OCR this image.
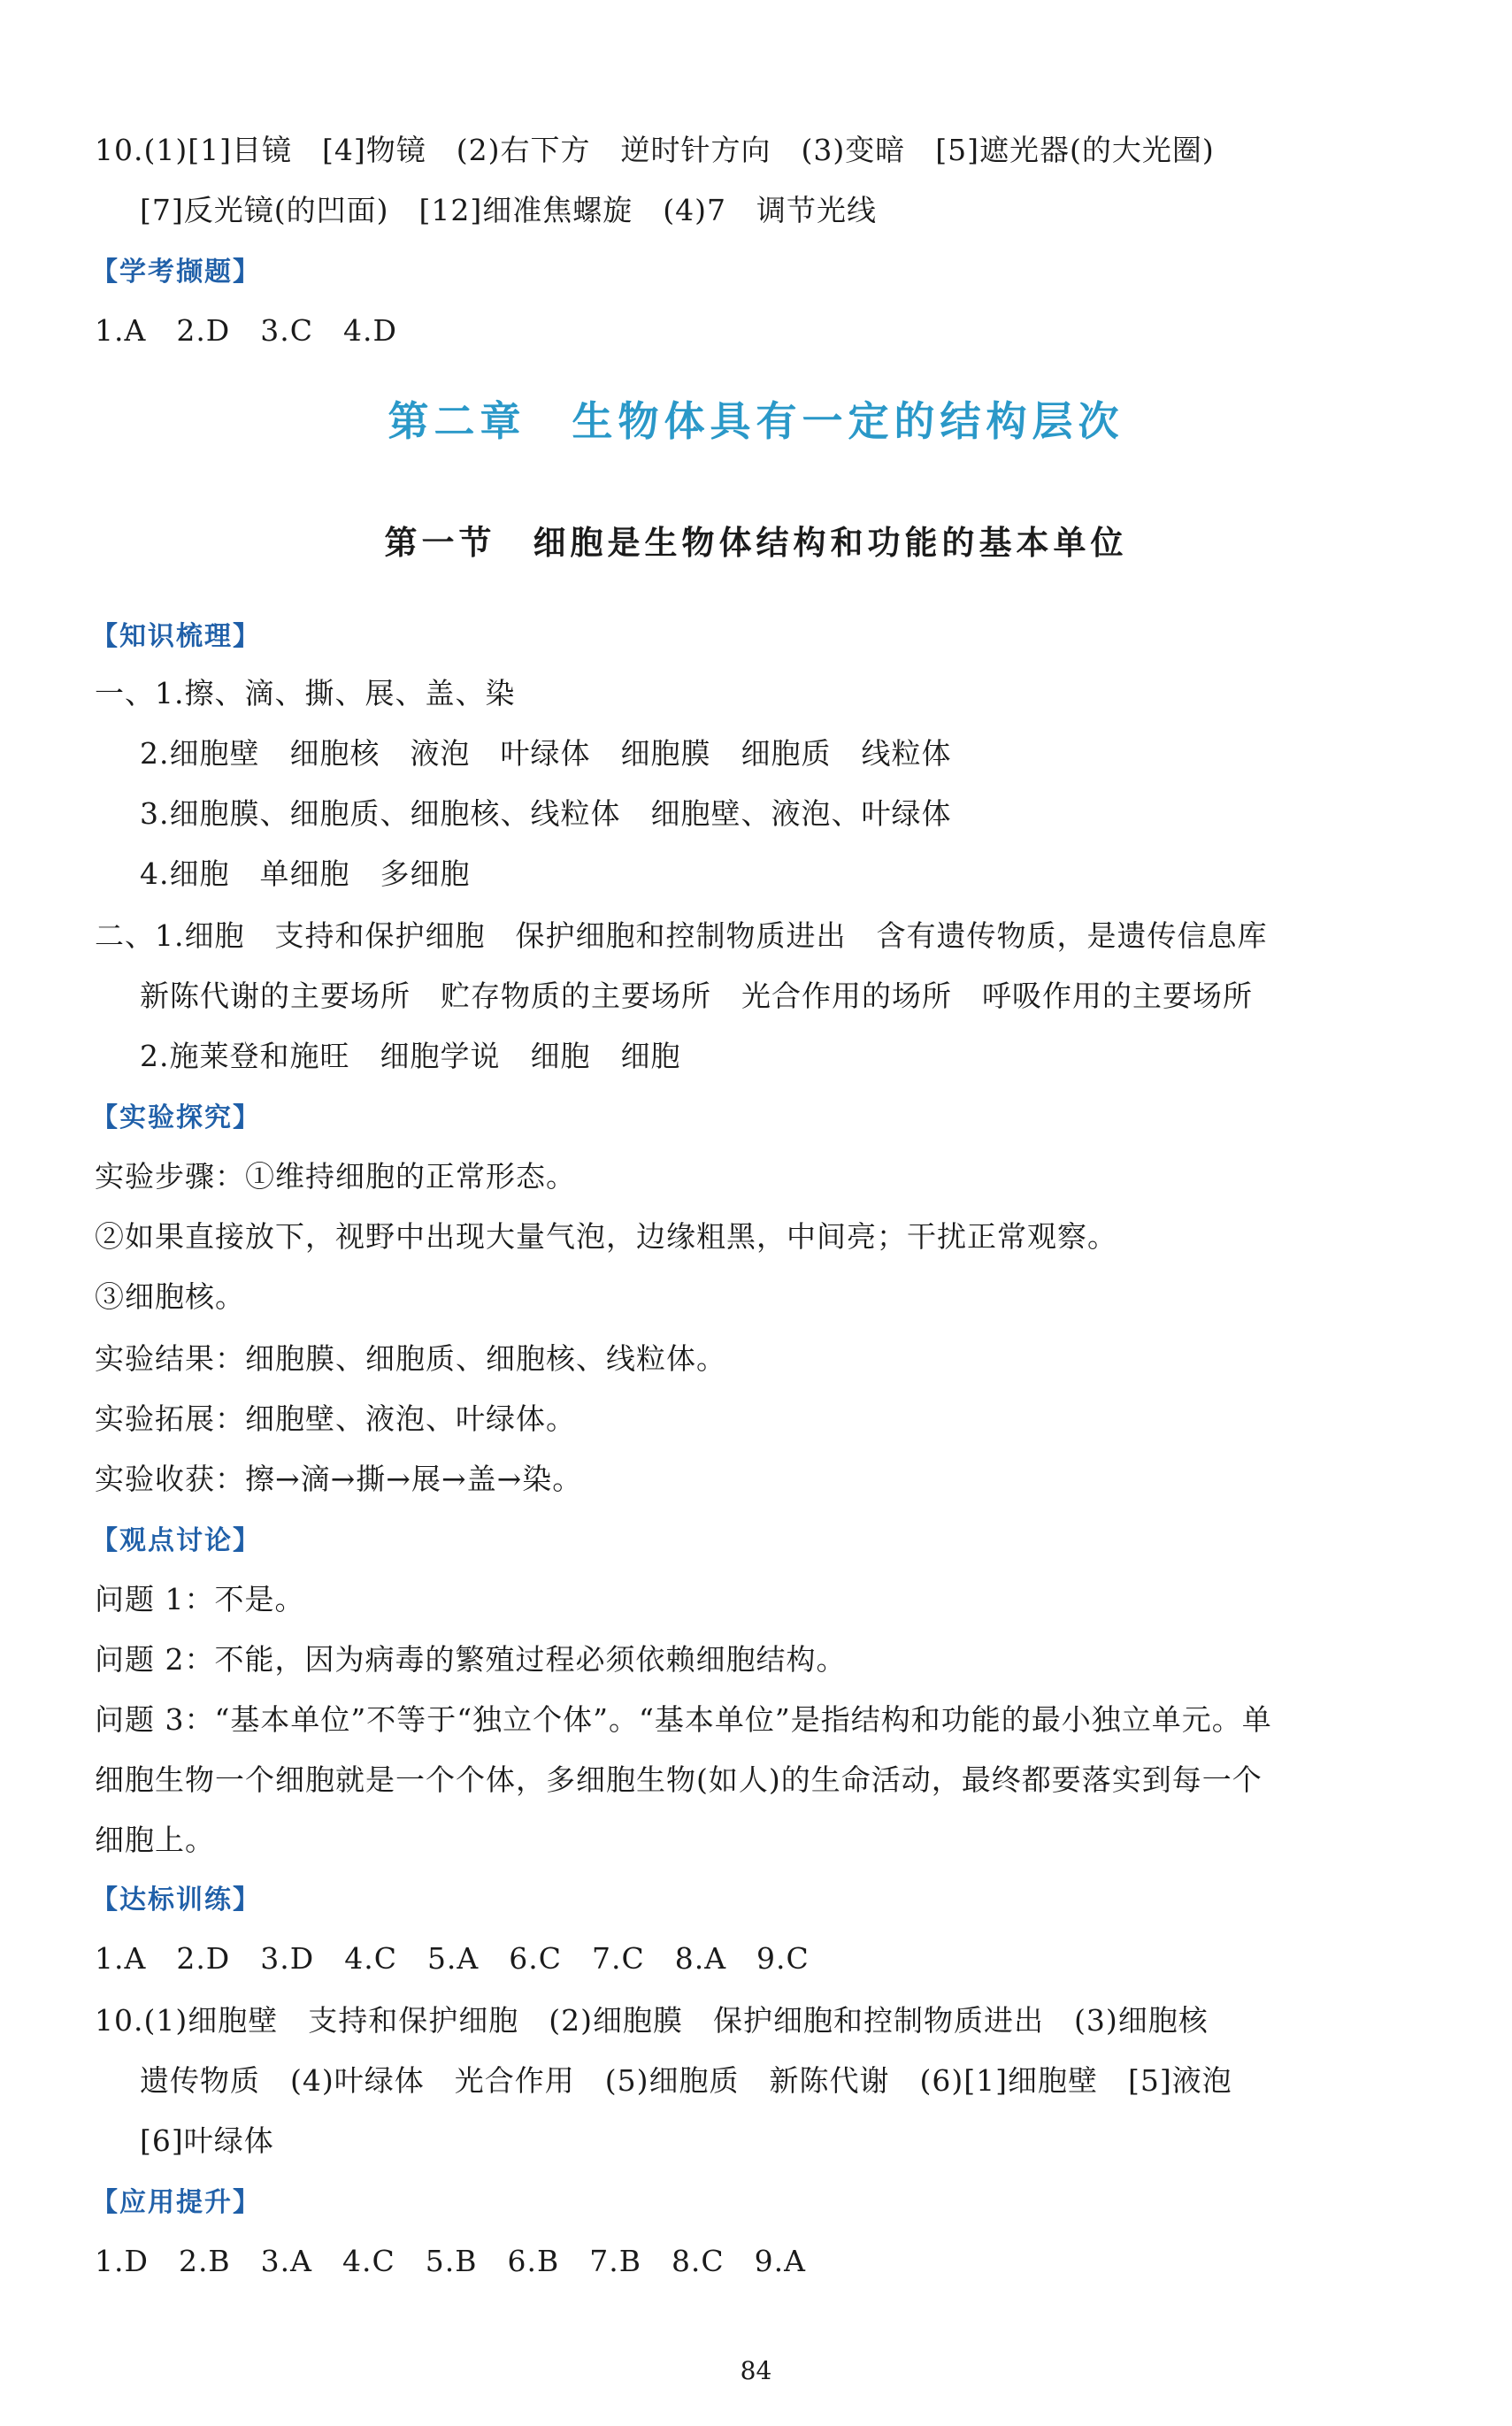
10.(1)[1]目镜　[4]物镜　(2)右下方　逆时针方向　(3)变暗　[5]遮光器(的大光圈)

[7]反光镜(的凹面)　[12]细准焦螺旋　(4)7　调节光线

【学考撷题】

1.A　2.D　3.C　4.D

第二章　生物体具有一定的结构层次
第一节　细胞是生物体结构和功能的基本单位

【知识梳理】

一、1.擦、滴、撕、展、盖、染

2.细胞壁　细胞核　液泡　叶绿体　细胞膜　细胞质　线粒体

3.细胞膜、细胞质、细胞核、线粒体　细胞壁、液泡、叶绿体

4.细胞　单细胞　多细胞

二、1.细胞　支持和保护细胞　保护细胞和控制物质进出　含有遗传物质，是遗传信息库

新陈代谢的主要场所　贮存物质的主要场所　光合作用的场所　呼吸作用的主要场所

2.施莱登和施旺　细胞学说　细胞　细胞

【实验探究】

实验步骤：①维持细胞的正常形态。

②如果直接放下，视野中出现大量气泡，边缘粗黑，中间亮；干扰正常观察。

③细胞核。

实验结果：细胞膜、细胞质、细胞核、线粒体。

实验拓展：细胞壁、液泡、叶绿体。

实验收获：擦→滴→撕→展→盖→染。

【观点讨论】

问题 1：不是。

问题 2：不能，因为病毒的繁殖过程必须依赖细胞结构。

问题 3：“基本单位”不等于“独立个体”。“基本单位”是指结构和功能的最小独立单元。单

细胞生物一个细胞就是一个个体，多细胞生物(如人)的生命活动，最终都要落实到每一个

细胞上。

【达标训练】

1.A　2.D　3.D　4.C　5.A　6.C　7.C　8.A　9.C

10.(1)细胞壁　支持和保护细胞　(2)细胞膜　保护细胞和控制物质进出　(3)细胞核

遗传物质　(4)叶绿体　光合作用　(5)细胞质　新陈代谢　(6)[1]细胞壁　[5]液泡

[6]叶绿体

【应用提升】

1.D　2.B　3.A　4.C　5.B　6.B　7.B　8.C　9.A

84
